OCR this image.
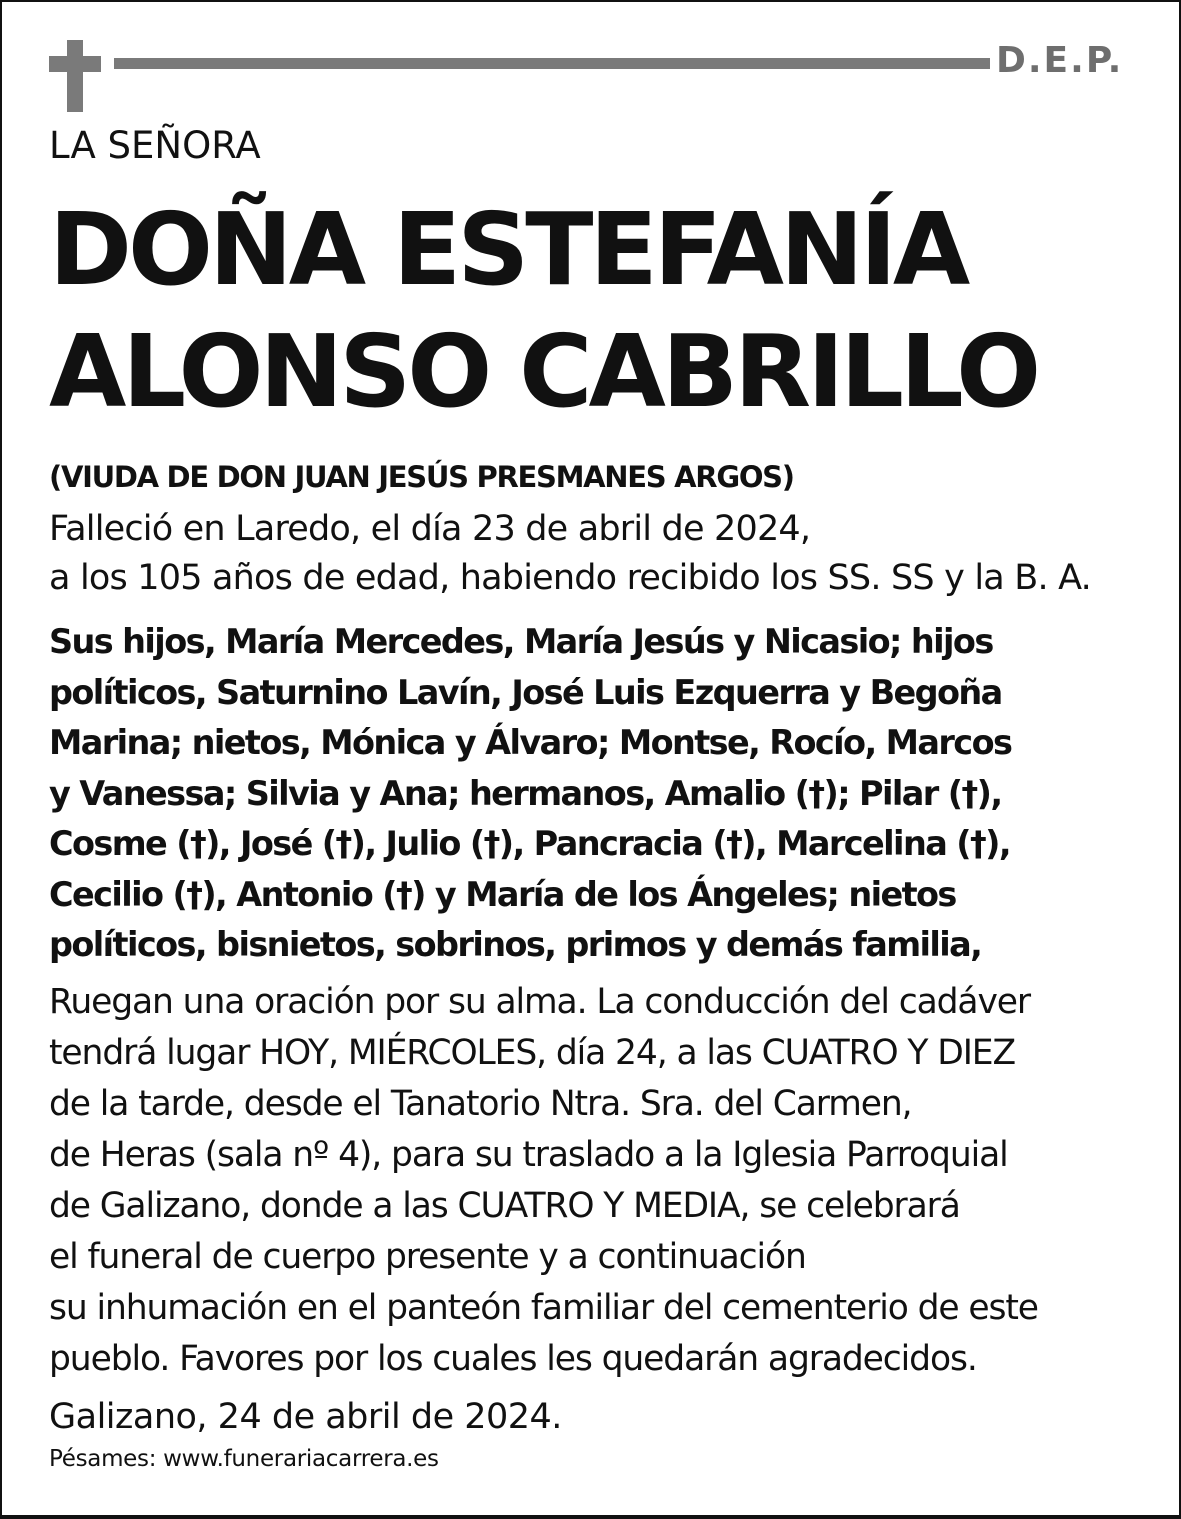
D.E.P.
LA SEÑORA
DOÑA ESTEFANÍA
ALONSO CABRILLO
(VIUDA DE DON JUAN JESÚS PRESMANES ARGOS)
Falleció en Laredo, el día 23 de abril de 2024,
a los 105 años de edad, habiendo recibido los SS. SS y la B. A.
Sus hijos, María Mercedes, María Jesús y Nicasio; hijos
políticos, Saturnino Lavín, José Luis Ezquerra y Begoña
Marina; nietos, Mónica y Álvaro; Montse, Rocío, Marcos
y Vanessa; Silvia y Ana; hermanos, Amalio (†); Pilar (†),
Cosme (†), José (†), Julio (†), Pancracia (†), Marcelina (†),
Cecilio (†), Antonio (†) y María de los Ángeles; nietos
políticos, bisnietos, sobrinos, primos y demás familia,
Ruegan una oración por su alma. La conducción del cadáver
tendrá lugar HOY, MIÉRCOLES, día 24, a las CUATRO Y DIEZ
de la tarde, desde el Tanatorio Ntra. Sra. del Carmen,
de Heras (sala nº 4), para su traslado a la Iglesia Parroquial
de Galizano, donde a las CUATRO Y MEDIA, se celebrará
el funeral de cuerpo presente y a continuación
su inhumación en el panteón familiar del cementerio de este
pueblo. Favores por los cuales les quedarán agradecidos.
Galizano, 24 de abril de 2024.
Pésames: www.funerariacarrera.es
